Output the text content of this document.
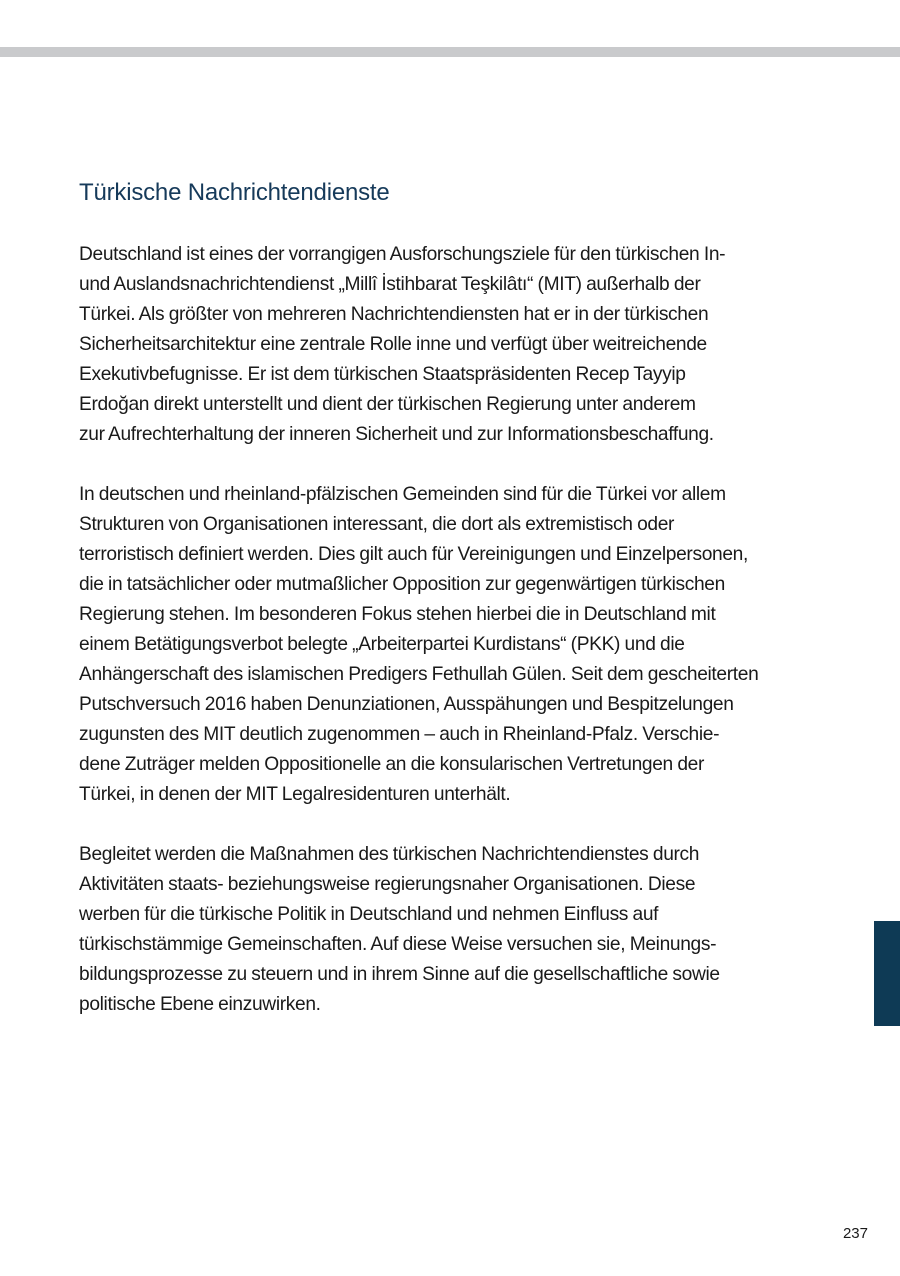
Türkische Nachrichtendienste

Deutschland ist eines der vorrangigen Ausforschungsziele für den türkischen In-
und Auslandsnachrichtendienst „Millî İstihbarat Teşkilâtı“ (MIT) außerhalb der
Türkei. Als größter von mehreren Nachrichtendiensten hat er in der türkischen
Sicherheitsarchitektur eine zentrale Rolle inne und verfügt über weitreichende
Exekutivbefugnisse. Er ist dem türkischen Staatspräsidenten Recep Tayyip
Erdoğan direkt unterstellt und dient der türkischen Regierung unter anderem
zur Aufrechterhaltung der inneren Sicherheit und zur Informationsbeschaffung.

In deutschen und rheinland-pfälzischen Gemeinden sind für die Türkei vor allem
Strukturen von Organisationen interessant, die dort als extremistisch oder
terroristisch definiert werden. Dies gilt auch für Vereinigungen und Einzelpersonen,
die in tatsächlicher oder mutmaßlicher Opposition zur gegenwärtigen türkischen
Regierung stehen. Im besonderen Fokus stehen hierbei die in Deutschland mit
einem Betätigungsverbot belegte „Arbeiterpartei Kurdistans“ (PKK) und die
Anhängerschaft des islamischen Predigers Fethullah Gülen. Seit dem gescheiterten
Putschversuch 2016 haben Denunziationen, Ausspähungen und Bespitzelungen
zugunsten des MIT deutlich zugenommen – auch in Rheinland-Pfalz. Verschie-
dene Zuträger melden Oppositionelle an die konsularischen Vertretungen der
Türkei, in denen der MIT Legalresidenturen unterhält.

Begleitet werden die Maßnahmen des türkischen Nachrichtendienstes durch
Aktivitäten staats- beziehungsweise regierungsnaher Organisationen. Diese
werben für die türkische Politik in Deutschland und nehmen Einfluss auf
türkischstämmige Gemeinschaften. Auf diese Weise versuchen sie, Meinungs-
bildungsprozesse zu steuern und in ihrem Sinne auf die gesellschaftliche sowie
politische Ebene einzuwirken.

237
